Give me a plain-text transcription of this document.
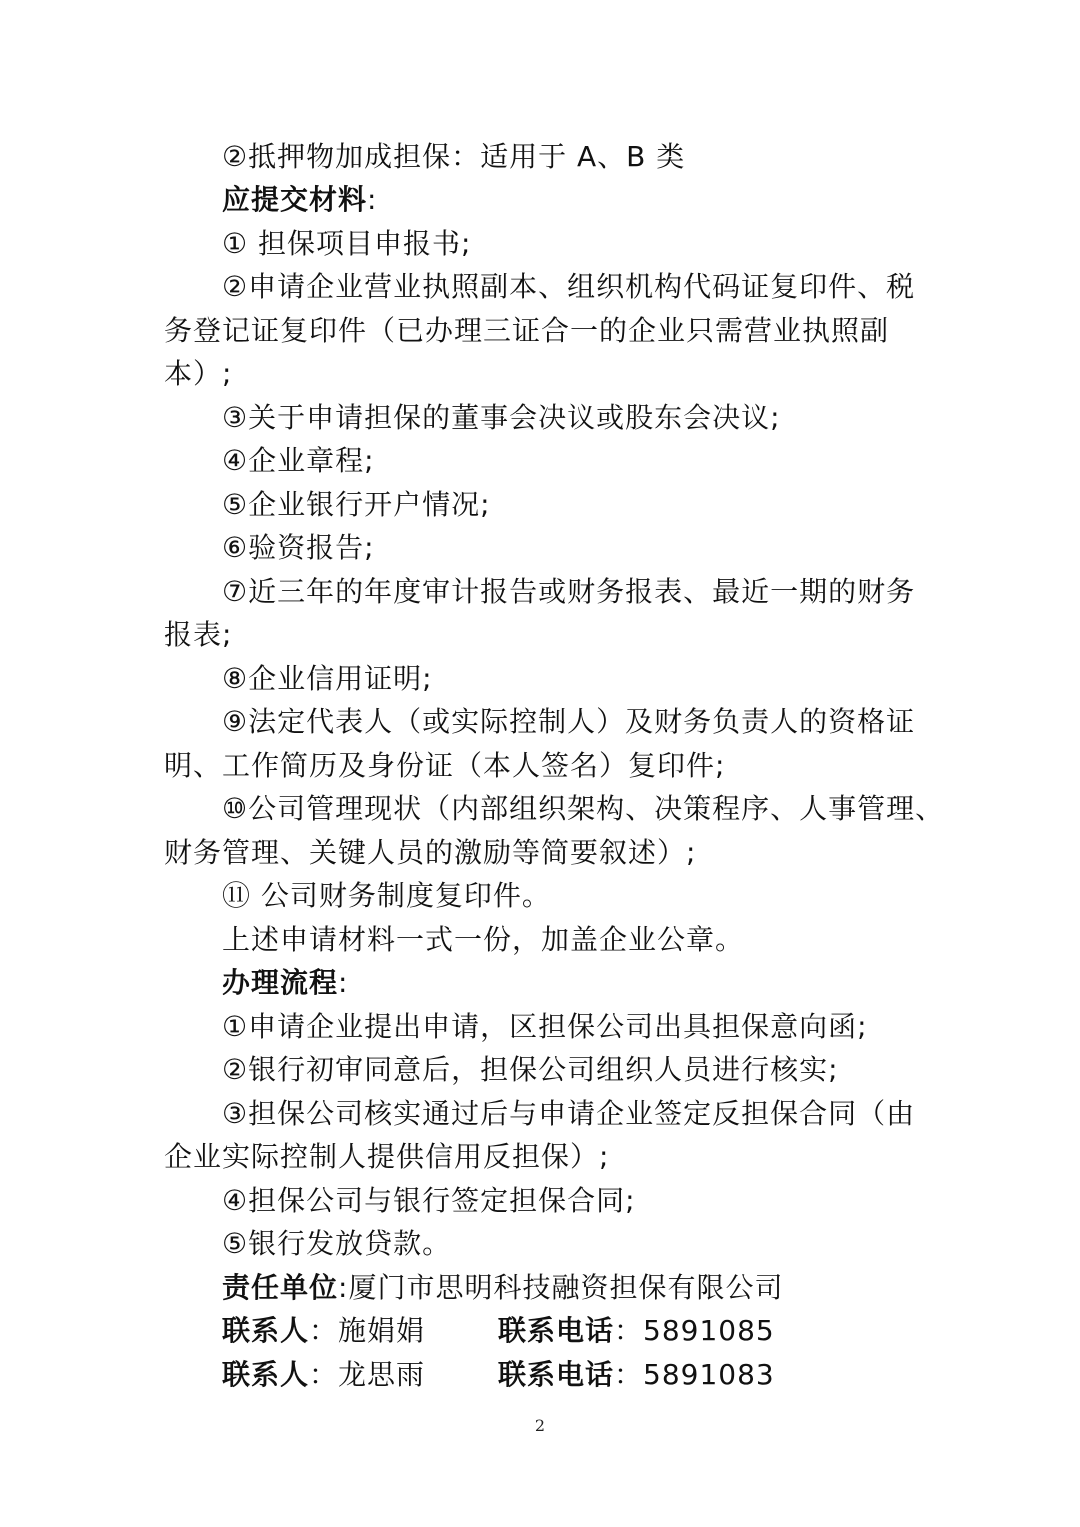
②抵押物加成担保：适用于 A、B 类
应提交材料:
① 担保项目申报书;
②申请企业营业执照副本、组织机构代码证复印件、税
务登记证复印件（已办理三证合一的企业只需营业执照副
本）;
③关于申请担保的董事会决议或股东会决议;
④企业章程;
⑤企业银行开户情况;
⑥验资报告;
⑦近三年的年度审计报告或财务报表、最近一期的财务
报表;
⑧企业信用证明;
⑨法定代表人（或实际控制人）及财务负责人的资格证
明、工作简历及身份证（本人签名）复印件;
⑩公司管理现状（内部组织架构、决策程序、人事管理、
财务管理、关键人员的激励等简要叙述）;
⑪ 公司财务制度复印件。
上述申请材料一式一份，加盖企业公章。
办理流程:
①申请企业提出申请，区担保公司出具担保意向函;
②银行初审同意后，担保公司组织人员进行核实;
③担保公司核实通过后与申请企业签定反担保合同（由
企业实际控制人提供信用反担保）;
④担保公司与银行签定担保合同;
⑤银行发放贷款。
责任单位:厦门市思明科技融资担保有限公司
联系人：施娟娟	联系电话：5891085
联系人：龙思雨	联系电话：5891083
2
